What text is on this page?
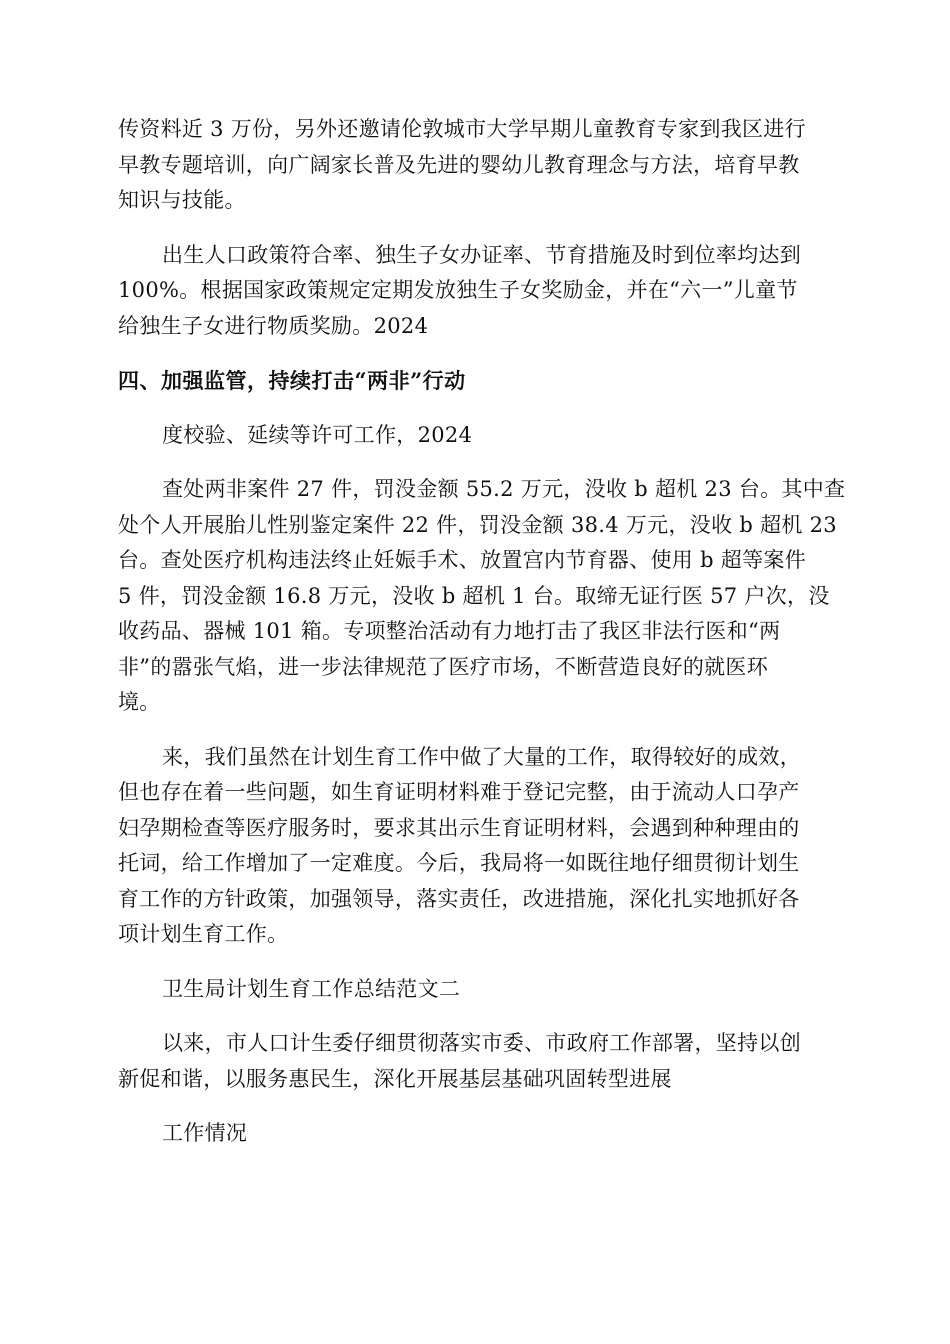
传资料近 3 万份，另外还邀请伦敦城市大学早期儿童教育专家到我区进行
早教专题培训，向广阔家长普及先进的婴幼儿教育理念与方法，培育早教
知识与技能。

出生人口政策符合率、独生子女办证率、节育措施及时到位率均达到
100%。根据国家政策规定定期发放独生子女奖励金，并在“六一”儿童节
给独生子女进行物质奖励。2024

四、加强监管，持续打击“两非”行动

度校验、延续等许可工作，2024

查处两非案件 27 件，罚没金额 55.2 万元，没收 b 超机 23 台。其中查
处个人开展胎儿性别鉴定案件 22 件，罚没金额 38.4 万元，没收 b 超机 23
台。查处医疗机构违法终止妊娠手术、放置宫内节育器、使用 b 超等案件
5 件，罚没金额 16.8 万元，没收 b 超机 1 台。取缔无证行医 57 户次，没
收药品、器械 101 箱。专项整治活动有力地打击了我区非法行医和“两
非”的嚣张气焰，进一步法律规范了医疗市场，不断营造良好的就医环
境。

来，我们虽然在计划生育工作中做了大量的工作，取得较好的成效，
但也存在着一些问题，如生育证明材料难于登记完整，由于流动人口孕产
妇孕期检查等医疗服务时，要求其出示生育证明材料，会遇到种种理由的
托词，给工作增加了一定难度。今后，我局将一如既往地仔细贯彻计划生
育工作的方针政策，加强领导，落实责任，改进措施，深化扎实地抓好各
项计划生育工作。

卫生局计划生育工作总结范文二

以来，市人口计生委仔细贯彻落实市委、市政府工作部署，坚持以创
新促和谐，以服务惠民生，深化开展基层基础巩固转型进展

工作情况
